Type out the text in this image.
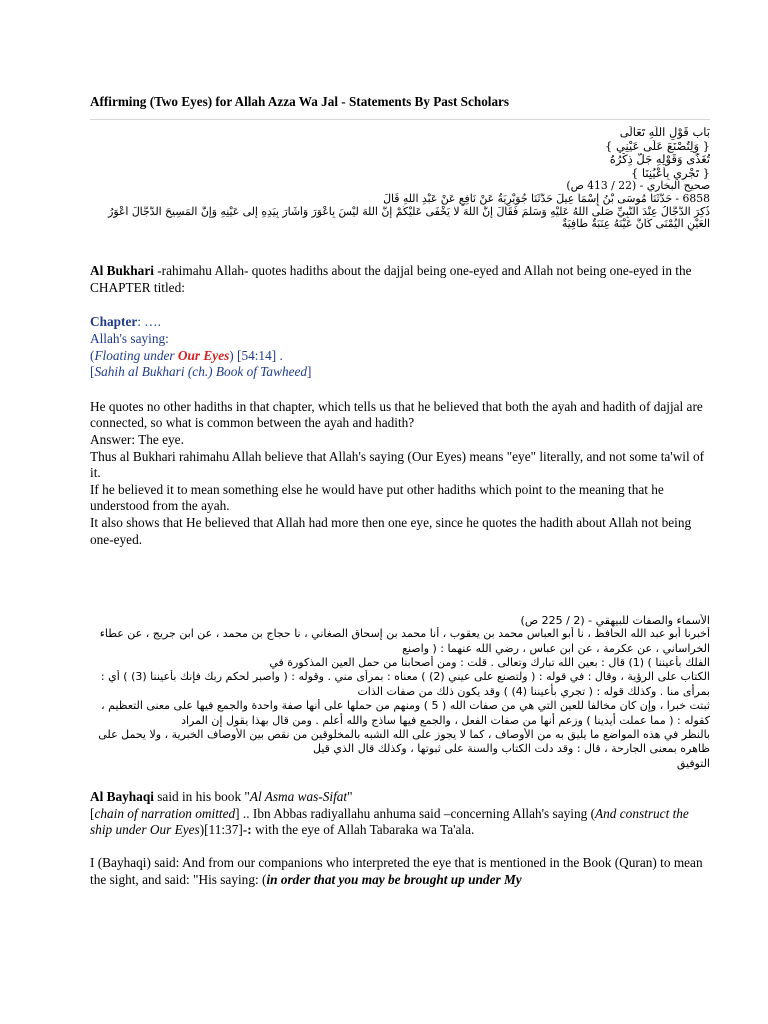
Affirming (Two Eyes) for Allah Azza Wa Jal - Statements By Past Scholars
بَاب قَوْلِ اللَّهِ تَعَالَى
{ وَلِتُصْنَعَ عَلَى عَيْنِي }
تُغَذَّى وَقَوْلِهِ جَلَّ ذِكْرُهُ
{ تَجْرِي بِأَعْيُنِنَا }
صحيح البخاري - (22 / 413 ص)
6858 - حَدَّثَنَا مُوسَى بْنُ إِسْمَا عِيلَ حَدَّثَنَا جُوَيْرِيَةُ عَنْ نَافِعٍ عَنْ عَبْدِ اللَّهِ قَالَ
ذُكِرَ الدَّجَّالُ عِنْدَ النَّبِيِّ صَلَّى اللَّهُ عَلَيْهِ وَسَلَّمَ فَقَالَ إِنَّ اللَّهَ لَا يَخْفَى عَلَيْكُمْ إِنَّ اللَّهَ لَيْسَ بِأَعْوَرَ وَأَشَارَ بِيَدِهِ إِلَى عَيْنِهِ وَإِنَّ الْمَسِيحَ الدَّجَّالَ أَعْوَرُ
الْعَيْنِ الْيُمْنَى كَأَنَّ عَيْنَهُ عِنَبَةٌ طَافِيَةٌ

Al Bukhari -rahimahu Allah- quotes hadiths about the dajjal being one-eyed and Allah not being one-eyed in the CHAPTER titled:

Chapter: ….

Allah's saying:

(Floating under Our Eyes) [54:14] .

[Sahih al Bukhari (ch.) Book of Tawheed]

He quotes no other hadiths in that chapter, which tells us that he believed that both the ayah and hadith of dajjal are connected, so what is common between the ayah and hadith?

Answer: The eye.

Thus al Bukhari rahimahu Allah believe that Allah's saying (Our Eyes) means "eye" literally, and not some ta'wil of it.

If he believed it to mean something else he would have put other hadiths which point to the meaning that he understood from the ayah.

It also shows that He believed that Allah had more then one eye, since he quotes the hadith about Allah not being one-eyed.

الأسماء والصفات للبيهقي - (2 / 225 ص)
أخبرنا أبو عبد الله الحافظ ، نا أبو العباس محمد بن يعقوب ، أنا محمد بن إسحاق الصغاني ، نا حجاج بن محمد ، عن ابن جريج ، عن عطاء الخراساني ، عن عكرمة ، عن ابن عباس ، رضي الله عنهما : ( واصنع
الفلك بأعيننا ) (1) قال : بعين الله تبارك وتعالى . قلت : ومن أصحابنا من حمل العين المذكورة في
الكتاب على الرؤية ، وقال : في قوله : ( ولتصنع على عيني (2) ) معناه : بمرأى مني . وقوله : ( واصبر لحكم ربك فإنك بأعيننا (3) ) أي : بمرأى منا . وكذلك قوله : ( تجري بأعيننا (4) ) وقد يكون ذلك من صفات الذات
ثبتت خبرا ، وإن كان مخالفا للعين التي هي من صفات الله ( 5 ) ومنهم من حملها على أنها صفة واحدة والجمع فيها على معنى التعظيم ، كقوله : ( مما عملت أيدينا ) وزعم أنها من صفات الفعل ، والجمع فيها ساذج والله أعلم . ومن قال بهذا يقول إن المراد
بالنظر في هذه المواضع ما يليق به من الأوصاف ، كما لا يجوز على الله الشبه بالمخلوقين من نقص بين الأوصاف الخبرية ، ولا يحمل على
ظاهره بمعنى الجارحة ، قال : وقد دلت الكتاب والسنة على ثبوتها ، وكذلك قال الذي قيل
التوفيق

Al Bayhaqi said in his book "Al Asma was-Sifat"

[chain of narration omitted] .. Ibn Abbas radiyallahu anhuma said –concerning Allah's saying (And construct the ship under Our Eyes)[11:37]-: with the eye of Allah Tabaraka wa Ta'ala.

I (Bayhaqi) said: And from our companions who interpreted the eye that is mentioned in the Book (Quran) to mean the sight, and said: "His saying: (in order that you may be brought up under My
